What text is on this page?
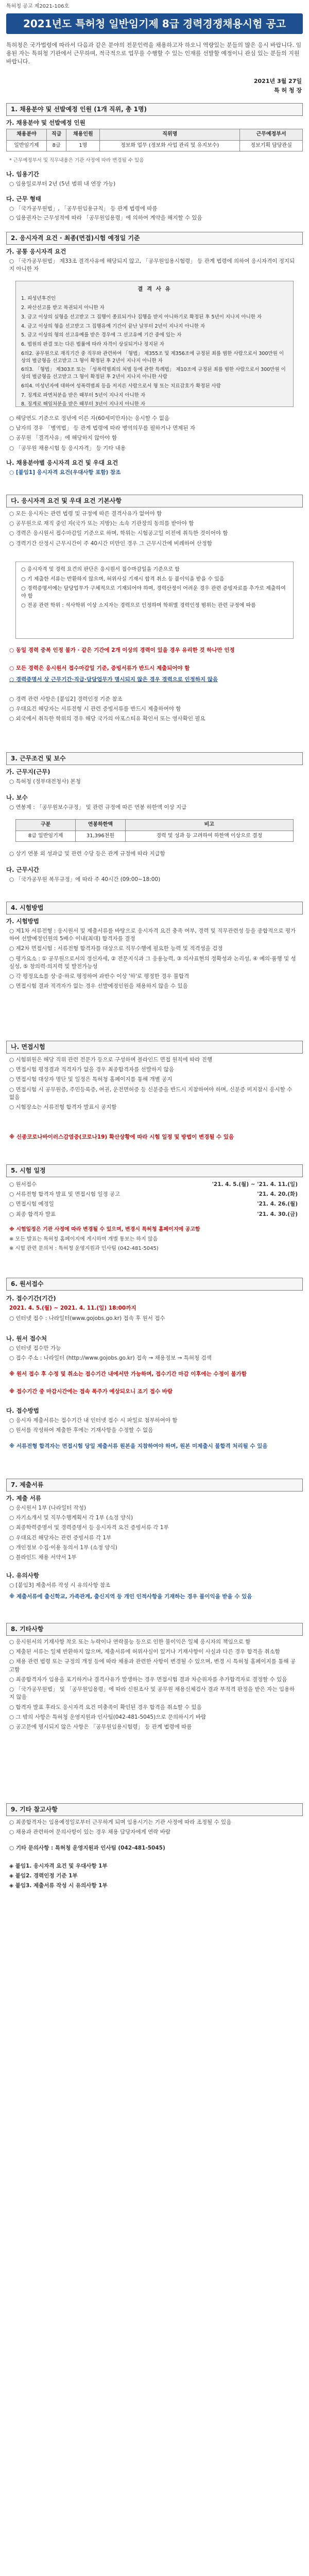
특허청 공고 제2021-106호
2021년도 특허청 일반임기제 8급 경력경쟁채용시험 공고
특허청은 국가법령에 따라서 다음과 같은 분야의 전문인력을 채용하고자 하오니 역량있는 분들의 많은 응시 바랍니다. 임용된 자는 특허청 기관에서 근무하며, 적극적으로 업무를 수행할 수 있는 인재를 선발할 예정이니 관심 있는 분들의 지원 바랍니다.
2021년 3월 27일
특 허 청 장
1. 채용분야 및 선발예정 인원 (1개 직위, 총 1명)
가. 채용분야 및 선발예정 인원
채용분야	직급	채용인원	직위명	근무예정부서
일반임기제	8급	1명	정보화 업무 (정보화 사업 관리 및 유지보수)	정보기획 담당관실
* 근무예정부서 및 직무내용은 기관 사정에 따라 변경될 수 있음
나. 임용기간
○ 임용일로부터 2년 (5년 범위 내 연장 가능)
다. 근무 형태
○ 「국가공무원법」, 「공무원임용규칙」 등 관계 법령에 따름
○ 임용권자는 근무성적에 따라 「공무원임용령」에 의하여 계약을 해지할 수 있음
2. 응시자격 요건 · 최종(면접)시험 예정일 기준
가. 공통 응시자격 요건
○ 「국가공무원법」 제33조 결격사유에 해당되지 않고, 「공무원임용시험령」 등 관계 법령에 의하여 응시자격이 정지되지 아니한 자
결 격 사 유
1. 피성년후견인
2. 파산선고를 받고 복권되지 아니한 자
3. 금고 이상의 실형을 선고받고 그 집행이 종료되거나 집행을 받지 아니하기로 확정된 후 5년이 지나지 아니한 자
4. 금고 이상의 형을 선고받고 그 집행유예 기간이 끝난 날부터 2년이 지나지 아니한 자
5. 금고 이상의 형의 선고유예를 받은 경우에 그 선고유예 기간 중에 있는 자
6. 법원의 판결 또는 다른 법률에 따라 자격이 상실되거나 정지된 자
6의2. 공무원으로 재직기간 중 직무와 관련하여 「형법」 제355조 및 제356조에 규정된 죄를 범한 사람으로서 300만원 이상의 벌금형을 선고받고 그 형이 확정된 후 2년이 지나지 아니한 자
6의3. 「형법」 제303조 또는 「성폭력범죄의 처벌 등에 관한 특례법」 제10조에 규정된 죄를 범한 사람으로서 300만원 이상의 벌금형을 선고받고 그 형이 확정된 후 2년이 지나지 아니한 사람
6의4. 미성년자에 대하여 성폭력범죄 등을 저지른 사람으로서 형 또는 치료감호가 확정된 사람
7. 징계로 파면처분을 받은 때부터 5년이 지나지 아니한 자
8. 징계로 해임처분을 받은 때부터 3년이 지나지 아니한 자
○ 해당연도 기준으로 정년에 이른 자(60세미만자)는 응시할 수 없음
○ 남자의 경우 「병역법」 등 관계 법령에 따라 병역의무를 필하거나 면제된 자
○ 공무원 「결격사유」에 해당하지 않아야 함
○ 「공무원 채용시험 등 응시자격」 등 기타 내용
나. 채용분야별 응시자격 요건 및 우대 요건
○ [붙임1] 응시자격 요건(우대사항 포함) 참조
다. 응시자격 요건 및 우대 요건 기본사항
○ 모든 응시자는 관련 법령 및 규정에 따른 결격사유가 없어야 함
○ 공무원으로 재직 중인 자(국가 또는 지방)는 소속 기관장의 동의를 받아야 함
○ 경력은 응시원서 접수마감일 기준으로 하며, 학위는 시험공고일 이전에 취득한 것이어야 함
○ 경력기간 산정시 근무시간이 주 40시간 미만인 경우 그 근무시간에 비례하여 산정함
○ 응시자격 및 경력 요건의 판단은 응시원서 접수마감일을 기준으로 함
○ 기 제출한 서류는 반환하지 않으며, 허위사실 기재시 합격 취소 등 불이익을 받을 수 있음
○ 경력증명서에는 담당업무가 구체적으로 기재되어야 하며, 경력산정이 어려운 경우 관련 증빙자료를 추가로 제출하여야 함
○ 전공 관련 학위 : 석사학위 이상 소지자는 경력으로 인정하며 학위별 경력인정 범위는 관련 규정에 따름
○ 동일 경력 중복 인정 불가 · 같은 기간에 2개 이상의 경력이 있을 경우 유리한 것 하나만 인정
○ 모든 경력은 응시원서 접수마감일 기준, 증빙서류가 반드시 제출되어야 함
○ 경력증명서 상 근무기간·직급·담당업무가 명시되지 않은 경우 경력으로 인정하지 않음
○ 경력 관련 사항은 [붙임2] 경력인정 기준 참조
○ 우대요건 해당자는 서류전형 시 관련 증빙서류를 반드시 제출하여야 함
○ 외국에서 취득한 학위의 경우 해당 국가의 아포스티유 확인서 또는 영사확인 필요
3. 근무조건 및 보수
가. 근무지(근무)
○ 특허청 (정부대전청사) 본청
나. 보수
○ 연봉제 : 「공무원보수규정」 및 관련 규정에 따른 연봉 하한액 이상 지급
구분	연봉하한액	비고
8급 일반임기제	31,396천원	경력 및 성과 등 고려하여 하한액 이상으로 결정
○ 상기 연봉 외 성과급 및 관련 수당 등은 관계 규정에 따라 지급함
다. 근무시간
○ 「국가공무원 복무규정」에 따라 주 40시간 (09:00~18:00)
4. 시험방법
가. 시험방법
○ 제1차 서류전형 : 응시원서 및 제출서류를 바탕으로 응시자격 요건 충족 여부, 경력 및 직무관련성 등을 종합적으로 평가하여 선발예정인원의 5배수 이내(최대) 합격자를 결정
○ 제2차 면접시험 : 서류전형 합격자를 대상으로 직무수행에 필요한 능력 및 적격성을 검정
○ 평가요소 : ① 공무원으로서의 정신자세, ② 전문지식과 그 응용능력, ③ 의사표현의 정확성과 논리성, ④ 예의·품행 및 성실성, ⑤ 창의력·의지력 및 발전가능성
○ 각 평정요소를 상·중·하로 평정하여 과반수 이상 '하'로 평정한 경우 불합격
○ 면접시험 결과 적격자가 없는 경우 선발예정인원을 채용하지 않을 수 있음
나. 면접시험
○ 시험위원은 해당 직위 관련 전문가 등으로 구성하며 블라인드 면접 원칙에 따라 진행
○ 면접시험 평정결과 적격자가 없을 경우 최종합격자를 선발하지 않음
○ 면접시험 대상자 명단 및 일정은 특허청 홈페이지를 통해 개별 공지
○ 면접시험 시 공무원증, 주민등록증, 여권, 운전면허증 등 신분증을 반드시 지참하여야 하며, 신분증 미지참시 응시할 수 없음
○ 시험장소는 서류전형 합격자 발표시 공지함
※ 신종코로나바이러스감염증(코로나19) 확산상황에 따라 시험 일정 및 방법이 변경될 수 있음
5. 시험 일정
○ 원서접수	'21. 4. 5.(월) ~ '21. 4. 11.(일)
○ 서류전형 합격자 발표 및 면접시험 일정 공고	'21. 4. 20.(화)
○ 면접시험 예정일	'21. 4. 26.(월)
○ 최종 합격자 발표	'21. 4. 30.(금)
※ 시험일정은 기관 사정에 따라 변경될 수 있으며, 변경시 특허청 홈페이지에 공고함
※ 모든 발표는 특허청 홈페이지에 게시하며 개별 통보는 하지 않음
※ 시험 관련 문의처 : 특허청 운영지원과 인사팀 (042-481-5045)
6. 원서접수
가. 접수기간(기간)
2021. 4. 5.(월) ~ 2021. 4. 11.(일) 18:00까지
○ 인터넷 접수 : 나라일터(www.gojobs.go.kr) 접속 후 원서 접수
나. 원서 접수처
○ 인터넷 접수만 가능
○ 접수 주소 : 나라일터 (http://www.gojobs.go.kr) 접속 → 채용정보 → 특허청 검색
※ 원서 접수 후 수정 및 취소는 접수기간 내에서만 가능하며, 접수기간 마감 이후에는 수정이 불가함
※ 접수기간 중 마감시간에는 접속 폭주가 예상되오니 조기 접수 바람
다. 접수방법
○ 응시자 제출서류는 접수기간 내 인터넷 접수 시 파일로 첨부하여야 함
○ 원서를 작성하여 제출한 후에는 기재사항을 수정할 수 없음
※ 서류전형 합격자는 면접시험 당일 제출서류 원본을 지참하여야 하며, 원본 미제출시 불합격 처리될 수 있음
7. 제출서류
가. 제출 서류
○ 응시원서 1부 (나라일터 작성)
○ 자기소개서 및 직무수행계획서 각 1부 (소정 양식)
○ 최종학력증명서 및 경력증명서 등 응시자격 요건 증빙서류 각 1부
○ 우대요건 해당자는 관련 증빙서류 각 1부
○ 개인정보 수집·이용 동의서 1부 (소정 양식)
○ 블라인드 채용 서약서 1부
나. 유의사항
○ [붙임3] 제출서류 작성 시 유의사항 참조
※ 제출서류에 출신학교, 가족관계, 출신지역 등 개인 인적사항을 기재하는 경우 불이익을 받을 수 있음
8. 기타사항
○ 응시원서의 기재사항 착오 또는 누락이나 연락불능 등으로 인한 불이익은 일체 응시자의 책임으로 함
○ 제출된 서류는 일체 반환하지 않으며, 제출서류에 허위사실이 있거나 기재사항이 사실과 다른 경우 합격을 취소함
○ 채용 관련 법령 또는 규정의 개정 등에 따라 채용과 관련한 사항이 변경될 수 있으며, 변경 시 특허청 홈페이지를 통해 공고함
○ 최종합격자가 임용을 포기하거나 결격사유가 발생하는 경우 면접시험 결과 차순위자를 추가합격자로 결정할 수 있음
○ 「국가공무원법」 및 「공무원임용령」에 따라 신원조사 및 공무원 채용신체검사 결과 부적격 판정을 받은 자는 임용하지 않음
○ 합격자 발표 후라도 응시자격 요건 미충족이 확인된 경우 합격을 취소할 수 있음
○ 그 밖의 사항은 특허청 운영지원과 인사팀(042-481-5045)으로 문의하시기 바람
○ 공고문에 명시되지 않은 사항은 「공무원임용시험령」 등 관계 법령에 따름
9. 기타 참고사항
○ 최종합격자는 임용예정일로부터 근무하게 되며 임용시기는 기관 사정에 따라 조정될 수 있음
○ 채용과 관련하여 문의사항이 있는 경우 채용 담당자에게 연락 바람
○ 기타 문의사항 : 특허청 운영지원과 인사팀 (042-481-5045)
◈ 붙임1. 응시자격 요건 및 우대사항 1부
◈ 붙임2. 경력인정 기준 1부
◈ 붙임3. 제출서류 작성 시 유의사항 1부
